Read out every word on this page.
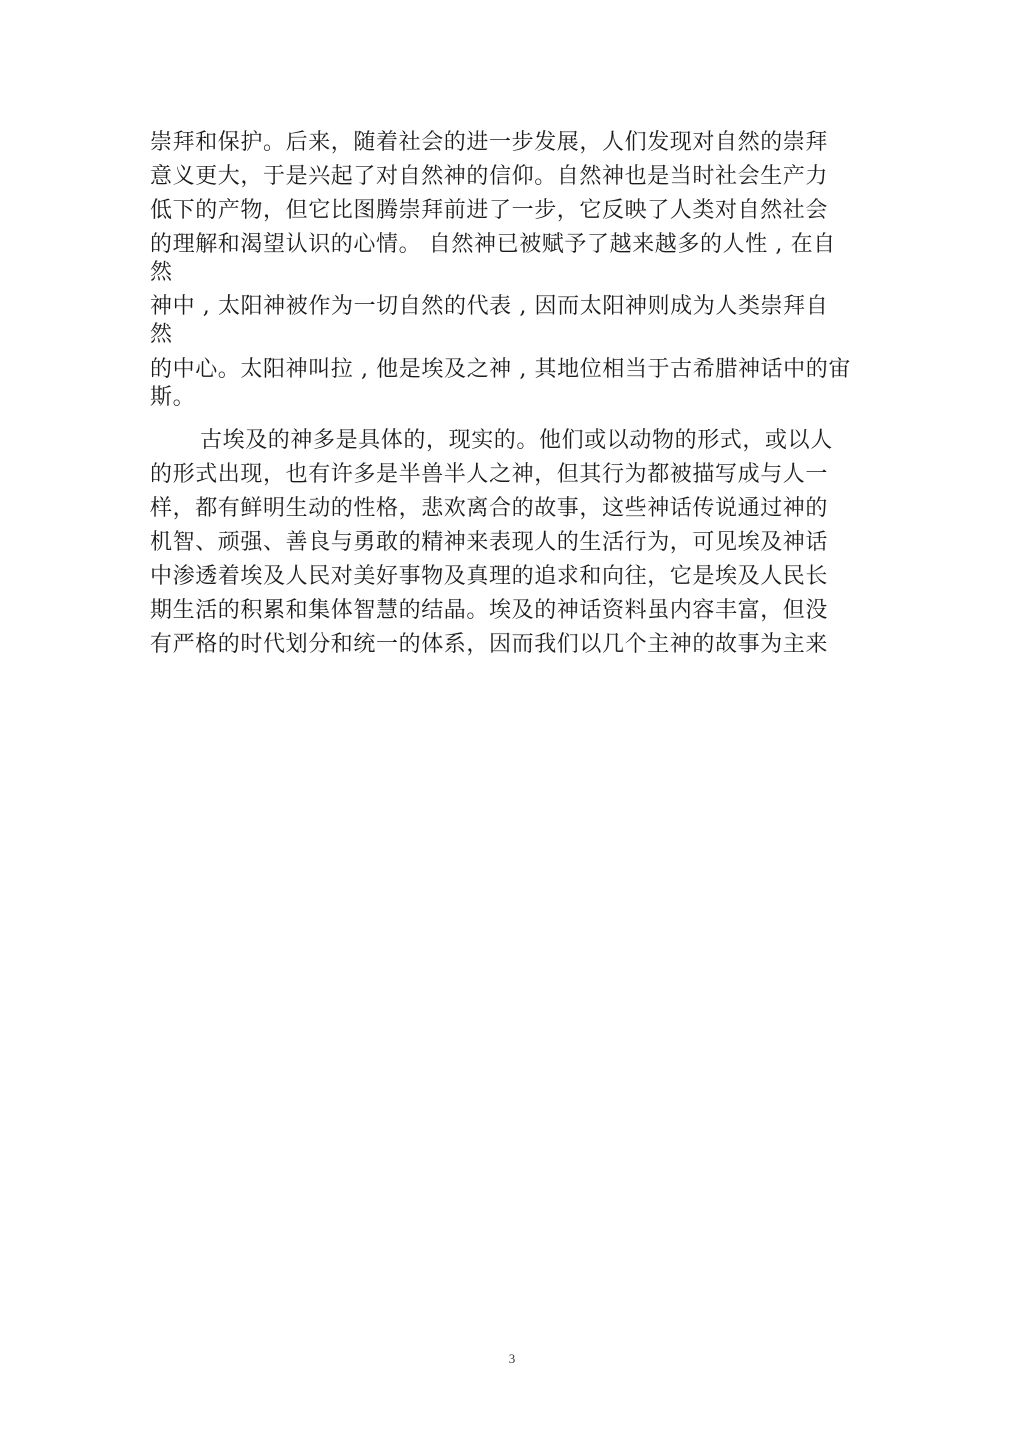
崇拜和保护。后来，随着社会的进一步发展，人们发现对自然的崇拜
意义更大，于是兴起了对自然神的信仰。自然神也是当时社会生产力
低下的产物，但它比图腾崇拜前进了一步，它反映了人类对自然社会
的理解和渴望认识的心情。 自然神已被赋予了越来越多的人性 , 在自
然
神中 , 太阳神被作为一切自然的代表 , 因而太阳神则成为人类崇拜自
然
的中心。太阳神叫拉 , 他是埃及之神 , 其地位相当于古希腊神话中的宙
斯。
古埃及的神多是具体的，现实的。他们或以动物的形式，或以人
的形式出现，也有许多是半兽半人之神，但其行为都被描写成与人一
样，都有鲜明生动的性格，悲欢离合的故事，这些神话传说通过神的
机智、顽强、善良与勇敢的精神来表现人的生活行为，可见埃及神话
中渗透着埃及人民对美好事物及真理的追求和向往，它是埃及人民长
期生活的积累和集体智慧的结晶。埃及的神话资料虽内容丰富，但没
有严格的时代划分和统一的体系，因而我们以几个主神的故事为主来
3
